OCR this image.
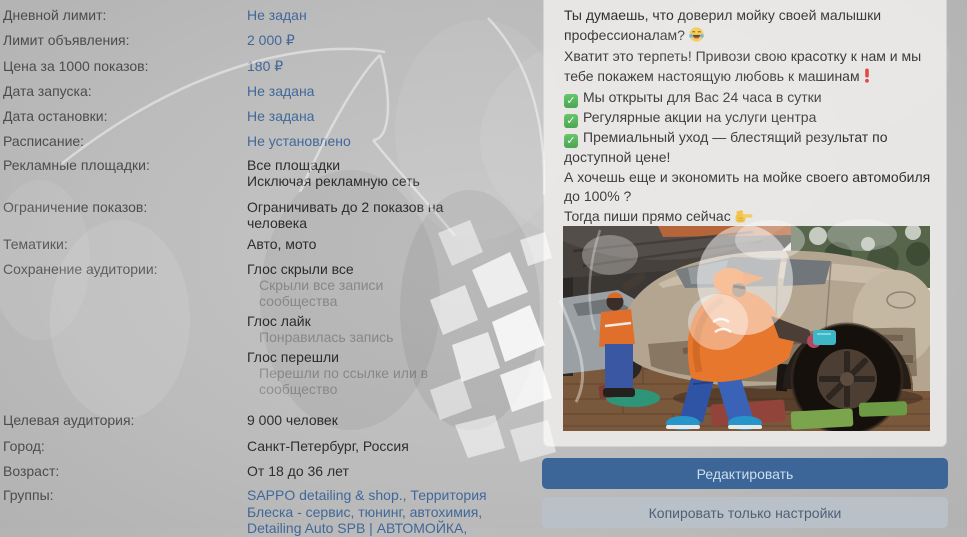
Дневной лимит:	Не задан
Лимит объявления:	2 000 ₽
Цена за 1000 показов:	180 ₽
Дата запуска:	Не задана
Дата остановки:	Не задана
Расписание:	Не установлено
Рекламные площадки:	Все площадки
Исключая рекламную сеть
Ограничение показов:	Ограничивать до 2 показов на человека
Тематики:	Авто, мото
Сохранение аудитории:	Глос скрыли все
Скрыли все записи сообщества
Глос лайк
Понравилась запись
Глос перешли
Перешли по ссылке или в сообщество
Целевая аудитория:	9 000 человек
Город:	Санкт-Петербург, Россия
Возраст:	От 18 до 36 лет
Группы:	SAPPO detailing & shop., Территория Блеска - сервис, тюнинг, автохимия, Detailing Auto SPB | АВТОМОЙКА,

Ты думаешь, что доверил мойку своей малышки профессионалам?

Хватит это терпеть! Привози свою красотку к нам и мы тебе покажем настоящую любовь к машинам

✓ Мы открыты для Вас 24 часа в сутки

✓ Регулярные акции на услуги центра

✓ Премиальный уход — блестящий результат по доступной цене!

А хочешь еще и экономить на мойке своего автомобиля до 100% ?

Тогда пиши прямо сейчас

Редактировать
Копировать только настройки
